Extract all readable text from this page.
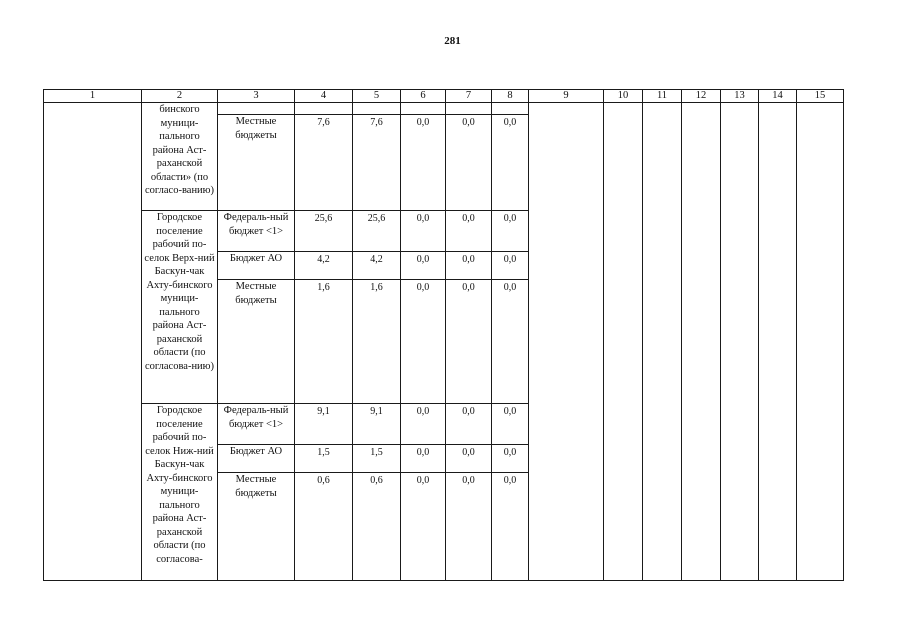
281
1	2	3	4	5	6	7	8	9	10	11	12	13	14	15
	бинского муници-пального района Аст-раханской области» (по согласо-ванию)													
		Местные бюджеты	7,6	7,6	0,0	0,0	0,0							
	Городское поселение рабочий по-селок Верх-ний Баскун-чак Ахту-бинского муници-пального района Аст-раханской области (по согласова-нию)	Федераль-ный бюджет <1>	25,6	25,6	0,0	0,0	0,0							
		Бюджет АО	4,2	4,2	0,0	0,0	0,0							
		Местные бюджеты	1,6	1,6	0,0	0,0	0,0							
	Городское поселение рабочий по-селок Ниж-ний Баскун-чак Ахту-бинского муници-пального района Аст-раханской области (по согласова-	Федераль-ный бюджет <1>	9,1	9,1	0,0	0,0	0,0							
		Бюджет АО	1,5	1,5	0,0	0,0	0,0							
		Местные бюджеты	0,6	0,6	0,0	0,0	0,0							
